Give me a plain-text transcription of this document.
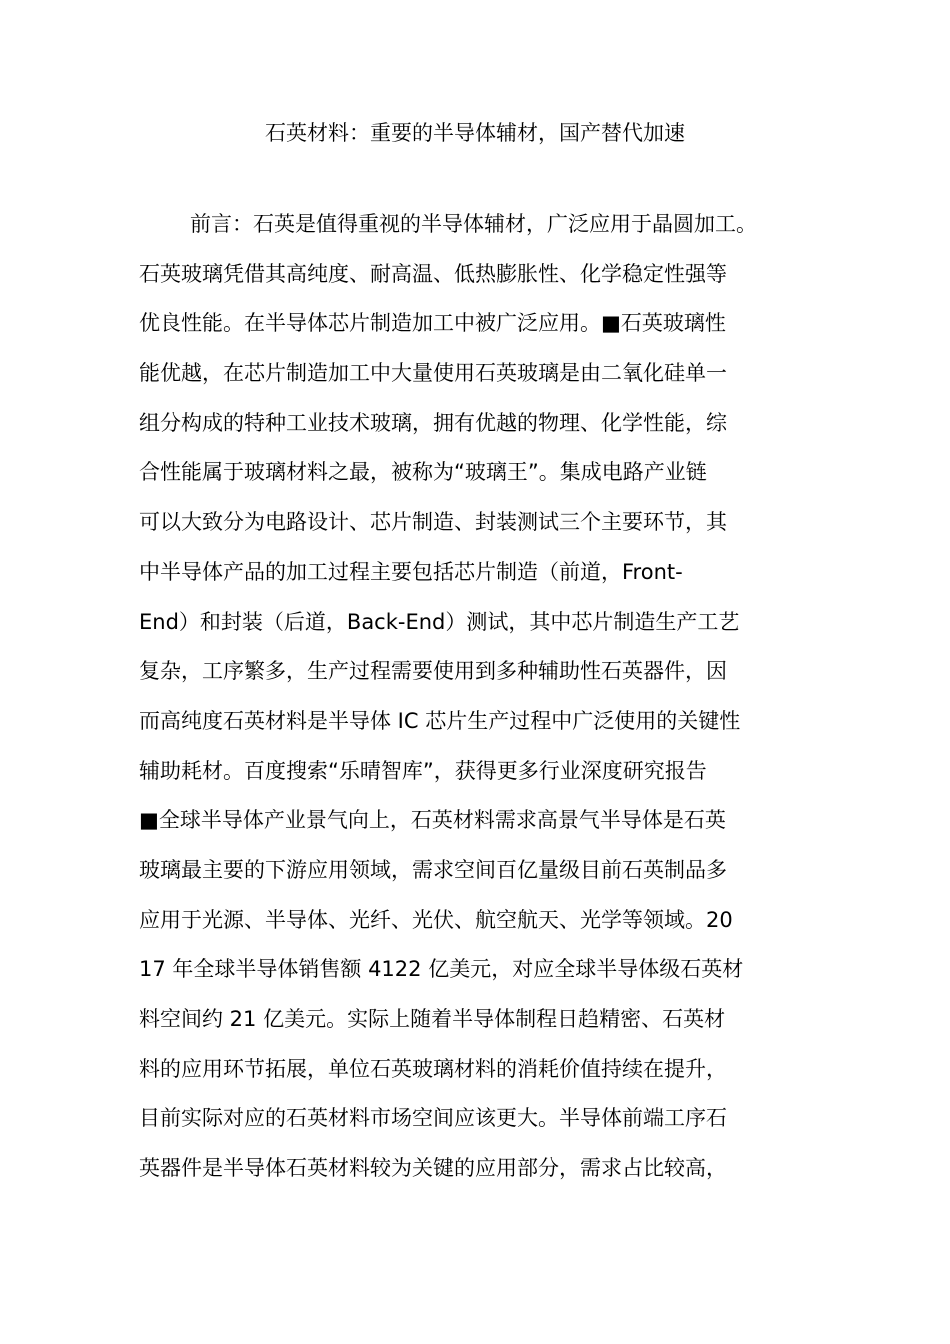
石英材料：重要的半导体辅材，国产替代加速
前言：石英是值得重视的半导体辅材，广泛应用于晶圆加工。
石英玻璃凭借其高纯度、耐高温、低热膨胀性、化学稳定性强等
优良性能。在半导体芯片制造加工中被广泛应用。■石英玻璃性
能优越，在芯片制造加工中大量使用石英玻璃是由二氧化硅单一
组分构成的特种工业技术玻璃，拥有优越的物理、化学性能，综
合性能属于玻璃材料之最，被称为“玻璃王”。集成电路产业链
可以大致分为电路设计、芯片制造、封装测试三个主要环节，其
中半导体产品的加工过程主要包括芯片制造（前道，Front-
End）和封装（后道，Back-End）测试，其中芯片制造生产工艺
复杂，工序繁多，生产过程需要使用到多种辅助性石英器件，因
而高纯度石英材料是半导体 IC 芯片生产过程中广泛使用的关键性
辅助耗材。百度搜索“乐晴智库”，获得更多行业深度研究报告
■全球半导体产业景气向上，石英材料需求高景气半导体是石英
玻璃最主要的下游应用领域，需求空间百亿量级目前石英制品多
应用于光源、半导体、光纤、光伏、航空航天、光学等领域。20
17 年全球半导体销售额 4122 亿美元，对应全球半导体级石英材
料空间约 21 亿美元。实际上随着半导体制程日趋精密、石英材
料的应用环节拓展，单位石英玻璃材料的消耗价值持续在提升，
目前实际对应的石英材料市场空间应该更大。半导体前端工序石
英器件是半导体石英材料较为关键的应用部分，需求占比较高，
